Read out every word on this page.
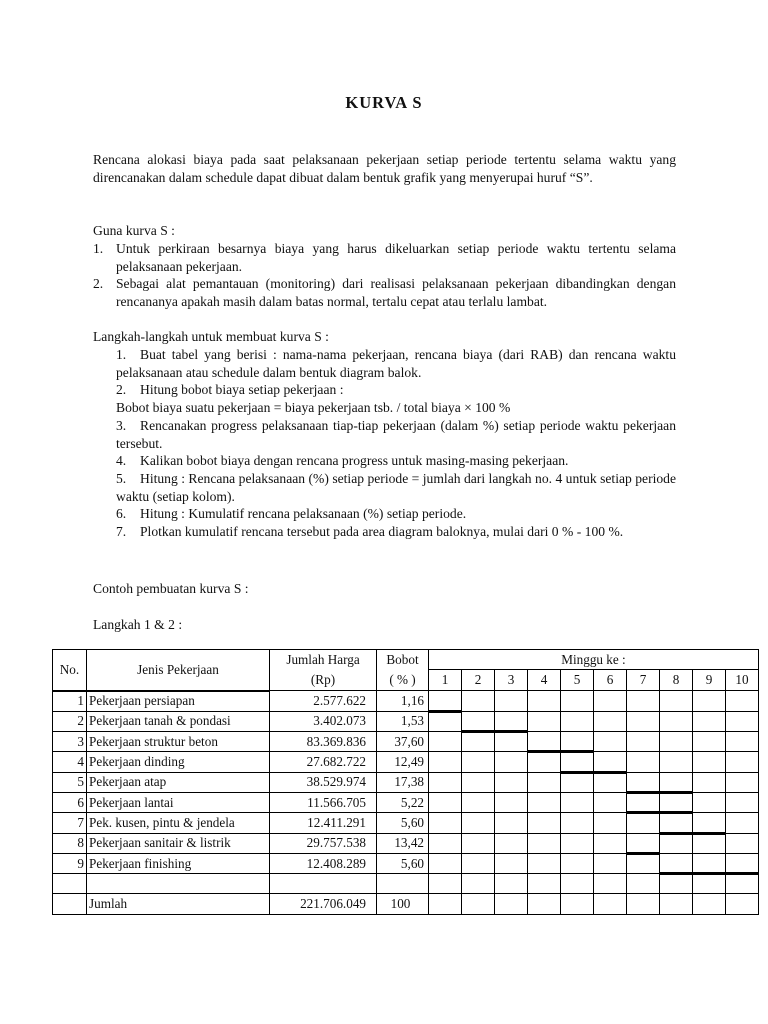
KURVA S
Rencana alokasi biaya pada saat pelaksanaan pekerjaan setiap periode tertentu selama waktu yang direncanakan dalam schedule dapat dibuat dalam bentuk grafik yang menyerupai huruf “S”.
Guna kurva S :
1. Untuk perkiraan besarnya biaya yang harus dikeluarkan setiap periode waktu tertentu selama pelaksanaan pekerjaan.
2. Sebagai alat pemantauan (monitoring) dari realisasi pelaksanaan pekerjaan dibandingkan dengan rencananya apakah masih dalam batas normal, tertalu cepat atau terlalu lambat.
Langkah-langkah untuk membuat kurva S :
1. Buat tabel yang berisi : nama-nama pekerjaan, rencana biaya (dari RAB) dan rencana waktu pelaksanaan atau schedule dalam bentuk diagram balok.
2. Hitung bobot biaya setiap pekerjaan :
Bobot biaya suatu pekerjaan = biaya pekerjaan tsb. / total biaya × 100 %
3. Rencanakan progress pelaksanaan tiap-tiap pekerjaan (dalam %) setiap periode waktu pekerjaan tersebut.
4. Kalikan bobot biaya dengan rencana progress untuk masing-masing pekerjaan.
5. Hitung : Rencana pelaksanaan (%) setiap periode = jumlah dari langkah no. 4 untuk setiap periode waktu (setiap kolom).
6. Hitung : Kumulatif rencana pelaksanaan (%) setiap periode.
7. Plotkan kumulatif rencana tersebut pada area diagram baloknya, mulai dari 0 % - 100 %.
Contoh pembuatan kurva S :
Langkah 1 & 2 :
No.	Jenis Pekerjaan	Jumlah Harga	Bobot	Minggu ke :									
		(Rp)	( % )	1	2	3	4	5	6	7	8	9	10
1	Pekerjaan persiapan	2.577.622	1,16	

2	Pekerjaan tanah & pondasi	3.402.073	1,53		

3	Pekerjaan struktur beton	83.369.836	37,60				

4	Pekerjaan dinding	27.682.722	12,49					

5	Pekerjaan atap	38.529.974	17,38							

6	Pekerjaan lantai	11.566.705	5,22							

7	Pek. kusen, pintu & jendela	12.411.291	5,60								

8	Pekerjaan sanitair & listrik	29.757.538	13,42							

9	Pekerjaan finishing	12.408.289	5,60								

	Jumlah	221.706.049	100										
